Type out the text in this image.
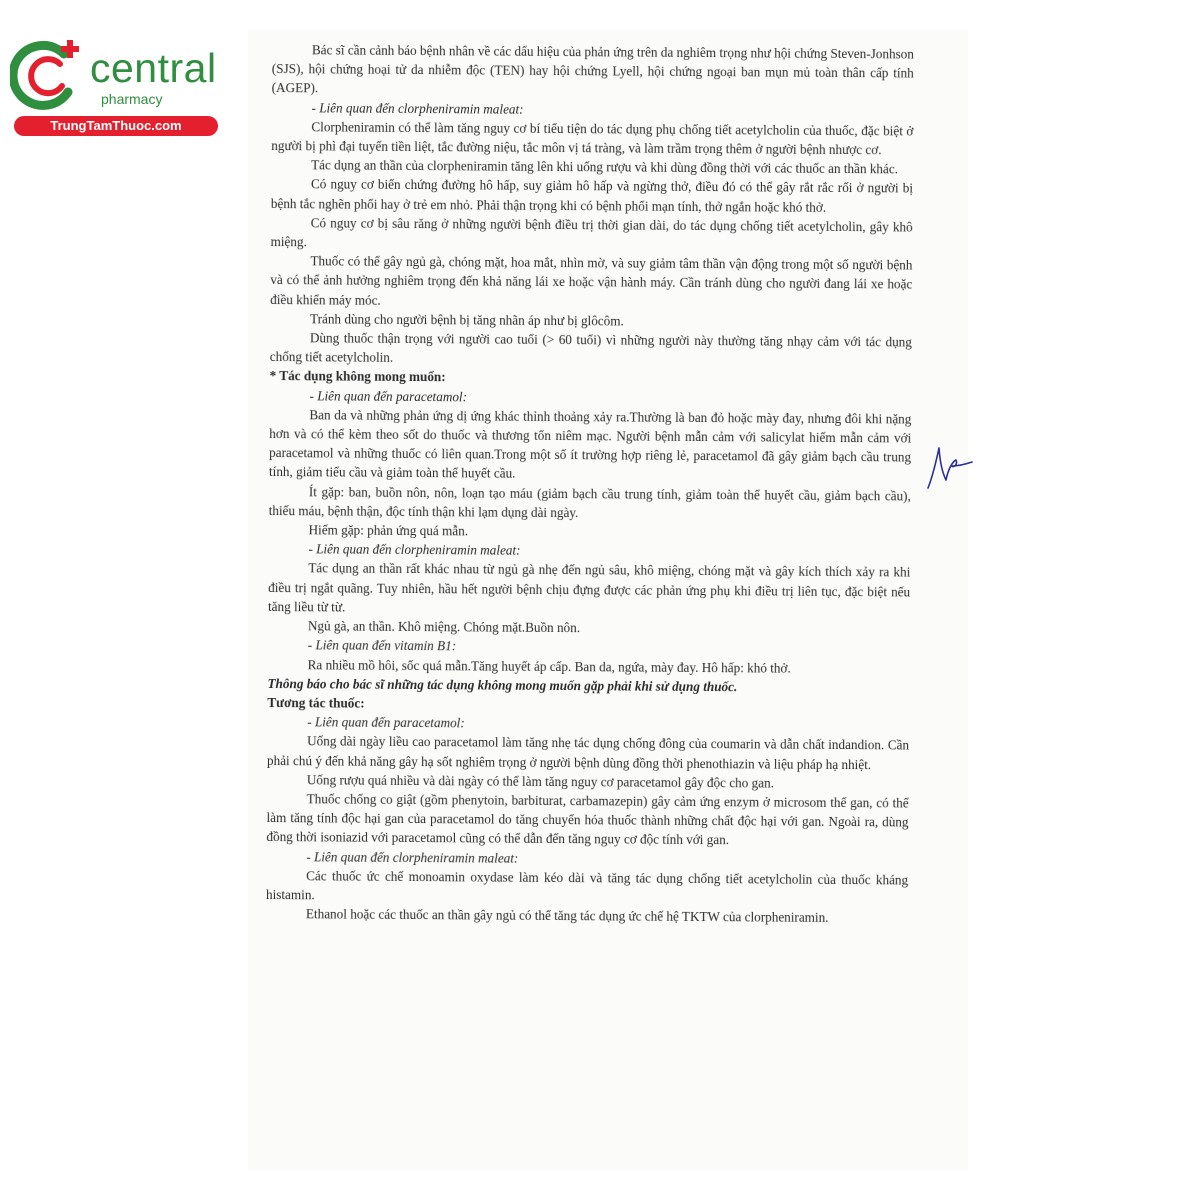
central
pharmacy
TrungTamThuoc.com

Bác sĩ cần cảnh báo bệnh nhân về các dấu hiệu của phản ứng trên da nghiêm trọng như hội chứng Steven-Jonhson (SJS), hội chứng hoại tử da nhiễm độc (TEN) hay hội chứng Lyell, hội chứng ngoại ban mụn mủ toàn thân cấp tính (AGEP).

- Liên quan đến clorpheniramin maleat:

Clorpheniramin có thể làm tăng nguy cơ bí tiểu tiện do tác dụng phụ chống tiết acetylcholin của thuốc, đặc biệt ở người bị phì đại tuyến tiền liệt, tắc đường niệu, tắc môn vị tá tràng, và làm trầm trọng thêm ở người bệnh nhược cơ.

Tác dụng an thần của clorpheniramin tăng lên khi uống rượu và khi dùng đồng thời với các thuốc an thần khác.

Có nguy cơ biến chứng đường hô hấp, suy giảm hô hấp và ngừng thở, điều đó có thể gây rắt rắc rối ở người bị bệnh tắc nghẽn phổi hay ở trẻ em nhỏ. Phải thận trọng khi có bệnh phổi mạn tính, thở ngắn hoặc khó thở.

Có nguy cơ bị sâu răng ở những người bệnh điều trị thời gian dài, do tác dụng chống tiết acetylcholin, gây khô miệng.

Thuốc có thể gây ngủ gà, chóng mặt, hoa mắt, nhìn mờ, và suy giảm tâm thần vận động trong một số người bệnh và có thể ảnh hưởng nghiêm trọng đến khả năng lái xe hoặc vận hành máy. Cần tránh dùng cho người đang lái xe hoặc điều khiển máy móc.

Tránh dùng cho người bệnh bị tăng nhãn áp như bị glôcôm.

Dùng thuốc thận trọng với người cao tuổi (> 60 tuổi) vì những người này thường tăng nhạy cảm với tác dụng chống tiết acetylcholin.

* Tác dụng không mong muốn:

- Liên quan đến paracetamol:

Ban da và những phản ứng dị ứng khác thỉnh thoảng xảy ra.Thường là ban đỏ hoặc mày đay, nhưng đôi khi nặng hơn và có thể kèm theo sốt do thuốc và thương tổn niêm mạc. Người bệnh mẫn cảm với salicylat hiếm mẫn cảm với paracetamol và những thuốc có liên quan.Trong một số ít trường hợp riêng lẻ, paracetamol đã gây giảm bạch cầu trung tính, giảm tiểu cầu và giảm toàn thể huyết cầu.

Ít gặp: ban, buồn nôn, nôn, loạn tạo máu (giảm bạch cầu trung tính, giảm toàn thể huyết cầu, giảm bạch cầu), thiếu máu, bệnh thận, độc tính thận khi lạm dụng dài ngày.

Hiếm gặp: phản ứng quá mẫn.

- Liên quan đến clorpheniramin maleat:

Tác dụng an thần rất khác nhau từ ngủ gà nhẹ đến ngủ sâu, khô miệng, chóng mặt và gây kích thích xảy ra khi điều trị ngắt quãng. Tuy nhiên, hầu hết người bệnh chịu đựng được các phản ứng phụ khi điều trị liên tục, đặc biệt nếu tăng liều từ từ.

Ngủ gà, an thần. Khô miệng. Chóng mặt.Buồn nôn.

- Liên quan đến vitamin B1:

Ra nhiều mồ hôi, sốc quá mẫn.Tăng huyết áp cấp. Ban da, ngứa, mày đay. Hô hấp: khó thở.

Thông báo cho bác sĩ những tác dụng không mong muốn gặp phải khi sử dụng thuốc.

Tương tác thuốc:

- Liên quan đến paracetamol:

Uống dài ngày liều cao paracetamol làm tăng nhẹ tác dụng chống đông của coumarin và dẫn chất indandion. Cần phải chú ý đến khả năng gây hạ sốt nghiêm trọng ở người bệnh dùng đồng thời phenothiazin và liệu pháp hạ nhiệt.

Uống rượu quá nhiều và dài ngày có thể làm tăng nguy cơ paracetamol gây độc cho gan.

Thuốc chống co giật (gồm phenytoin, barbiturat, carbamazepin) gây cảm ứng enzym ở microsom thể gan, có thể làm tăng tính độc hại gan của paracetamol do tăng chuyển hóa thuốc thành những chất độc hại với gan. Ngoài ra, dùng đồng thời isoniazid với paracetamol cũng có thể dẫn đến tăng nguy cơ độc tính với gan.

- Liên quan đến clorpheniramin maleat:

Các thuốc ức chế monoamin oxydase làm kéo dài và tăng tác dụng chống tiết acetylcholin của thuốc kháng histamin.

Ethanol hoặc các thuốc an thần gây ngủ có thể tăng tác dụng ức chế hệ TKTW của clorpheniramin.
